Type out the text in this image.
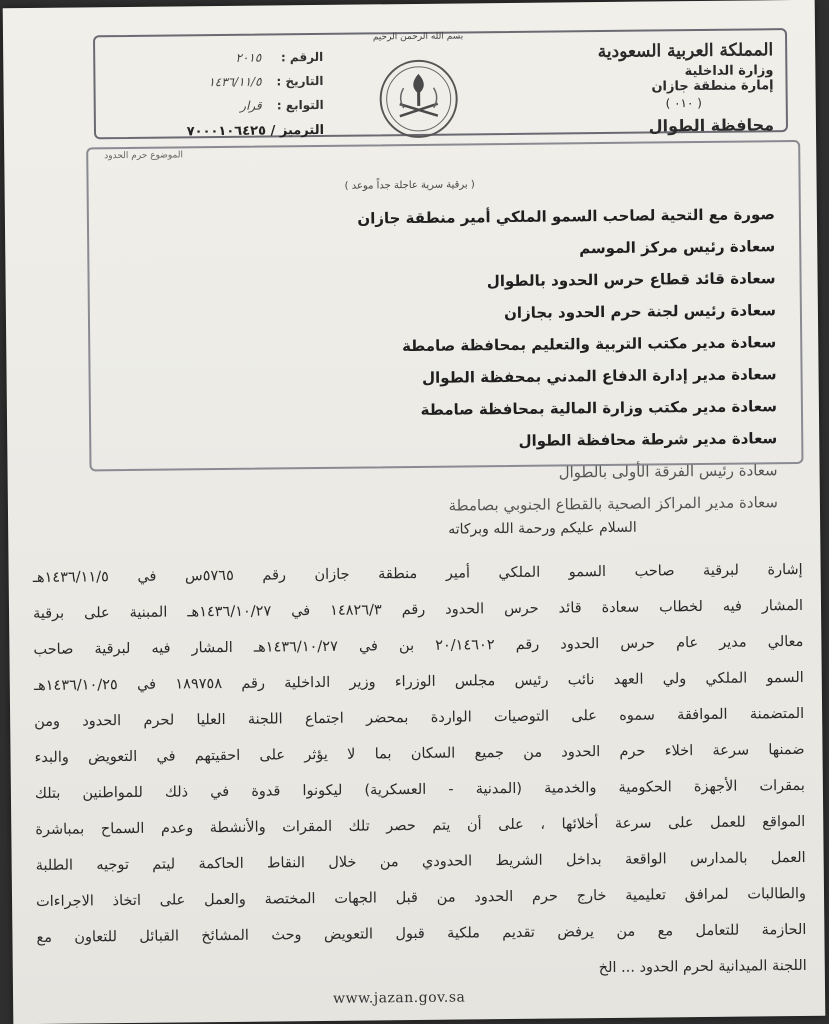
بسم الله الرحمن الرحيم
الرقم :
٢٠١٥
التاريخ :
١٤٣٦/١١/٥
التوابع :
قرار
الترميز / ٧٠٠٠١٠٦٤٢٥
المملكة العربية السعودية
وزارة الداخلية
إمارة منطقة جازان
( ٠١٠ )
محافظة الطوال
الموضوع حرم الحدود
( برقية سرية عاجلة جداً موعد )
صورة مع التحية لصاحب السمو الملكي أمير منطقة جازان
سعادة رئيس مركز الموسم
سعادة قائد قطاع حرس الحدود بالطوال
سعادة رئيس لجنة حرم الحدود بجازان
سعادة مدير مكتب التربية والتعليم بمحافظة صامطة
سعادة مدير إدارة الدفاع المدني بمحفظة الطوال
سعادة مدير مكتب وزارة المالية بمحافظة صامطة
سعادة مدير شرطة محافظة الطوال
سعادة رئيس الفرقة الأولى بالطوال
سعادة مدير المراكز الصحية بالقطاع الجنوبي بصامطة
السلام عليكم ورحمة الله وبركاته
إشارة لبرقية صاحب السمو الملكي أمير منطقة جازان رقم ٥٧٦٥س في ١٤٣٦/١١/٥هـ
المشار فيه لخطاب سعادة قائد حرس الحدود رقم ١٤٨٢٦/٣ في ١٤٣٦/١٠/٢٧هـ المبنية على برقية
معالي مدير عام حرس الحدود رقم ٢٠/١٤٦٠٢ بن في ١٤٣٦/١٠/٢٧هـ المشار فيه لبرقية صاحب
السمو الملكي ولي العهد نائب رئيس مجلس الوزراء وزير الداخلية رقم ١٨٩٧٥٨ في ١٤٣٦/١٠/٢٥هـ
المتضمنة الموافقة سموه على التوصيات الواردة بمحضر اجتماع اللجنة العليا لحرم الحدود ومن
ضمنها سرعة اخلاء حرم الحدود من جميع السكان بما لا يؤثر على احقيتهم في التعويض والبدء
بمقرات الأجهزة الحكومية والخدمية (المدنية - العسكرية) ليكونوا قدوة في ذلك للمواطنين بتلك
المواقع للعمل على سرعة أخلائها ، على أن يتم حصر تلك المقرات والأنشطة وعدم السماح بمباشرة
العمل بالمدارس الواقعة بداخل الشريط الحدودي من خلال النقاط الحاكمة ليتم توجيه الطلبة
والطالبات لمرافق تعليمية خارج حرم الحدود من قبل الجهات المختصة والعمل على اتخاذ الاجراءات
الحازمة للتعامل مع من يرفض تقديم ملكية قبول التعويض وحث المشائخ القبائل للتعاون مع
اللجنة الميدانية لحرم الحدود ... الخ
www.jazan.gov.sa
